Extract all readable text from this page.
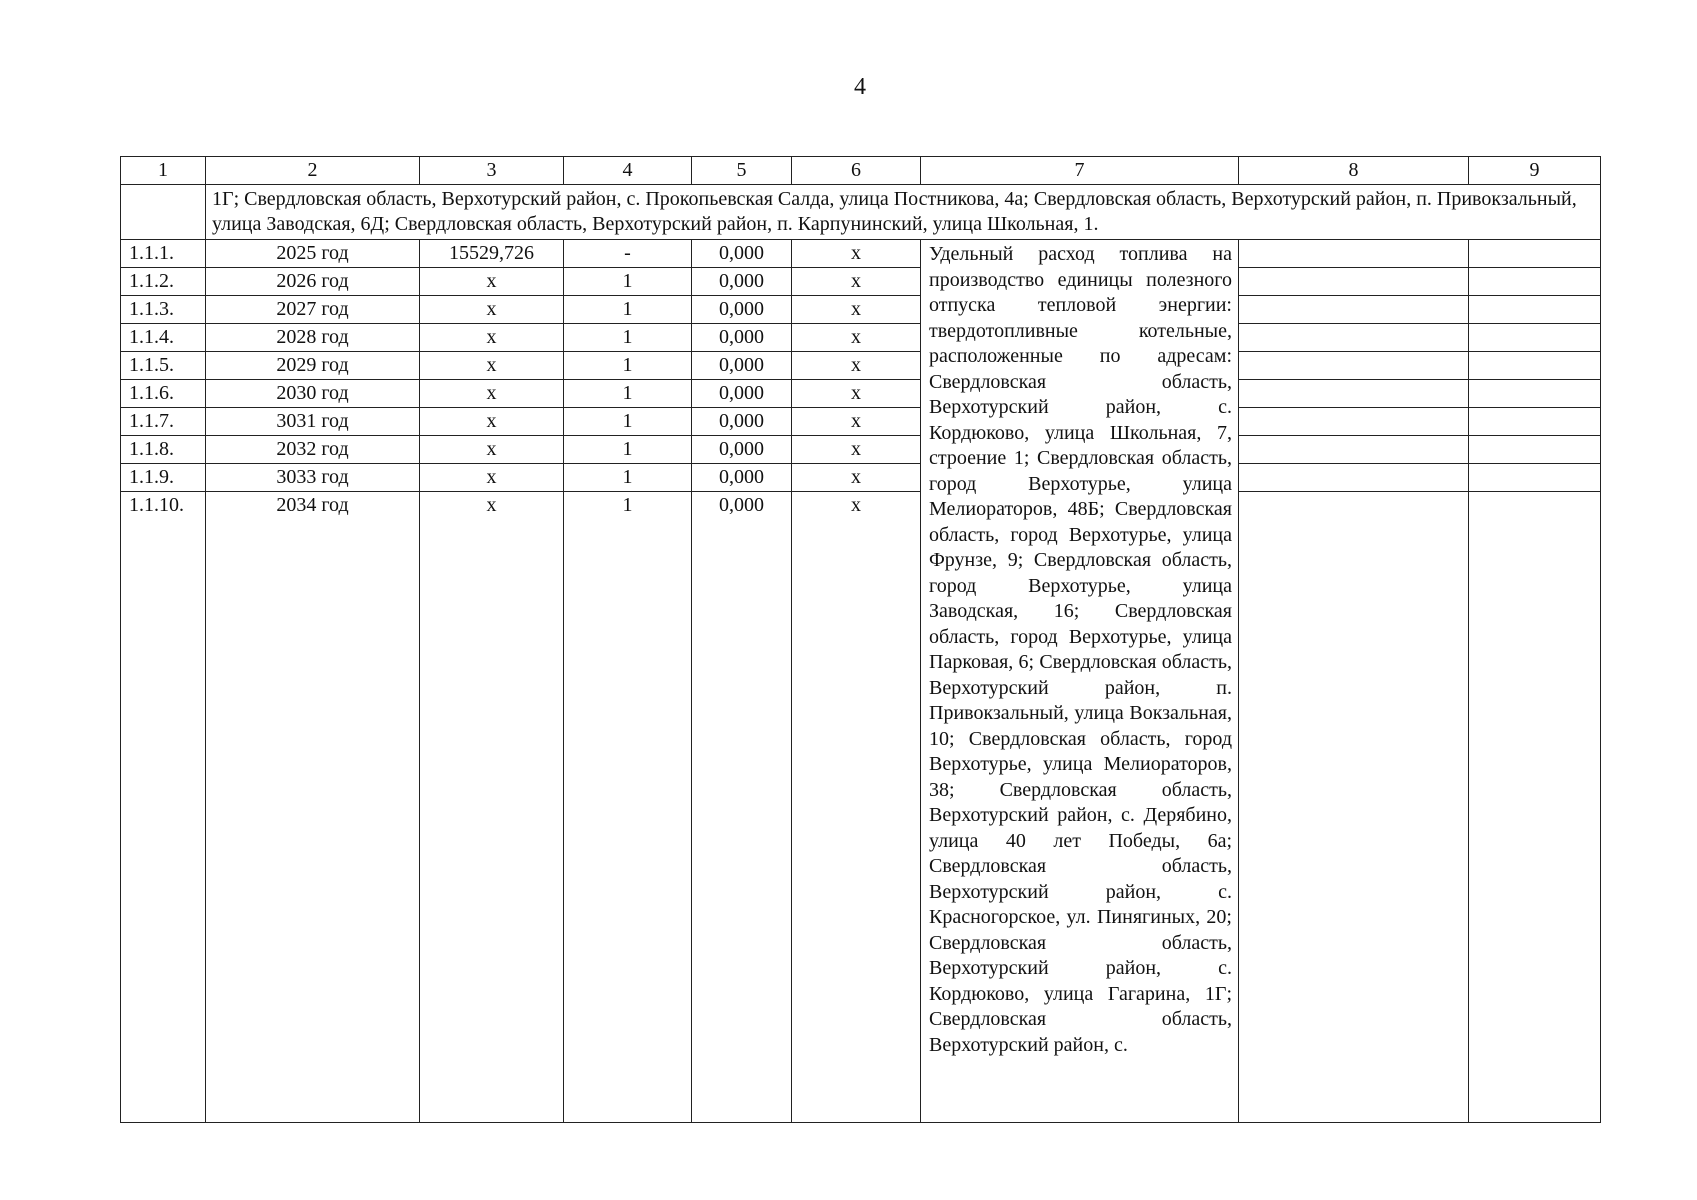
4
1	2	3	4	5	6	7	8	9
	1Г; Свердловская область, Верхотурский район, с. Прокопьевская Салда, улица Постникова, 4а; Свердловская область, Верхотурский район, п. Привокзальный, улица Заводская, 6Д; Свердловская область, Верхотурский район, п. Карпунинский, улица Школьная, 1.							
1.1.1.	2025 год	15529,726	-	0,000	х	Удельный расход топлива на производство единицы полезного отпуска тепловой энергии: твердотопливные котельные, расположенные по адресам: Свердловская область, Верхотурский район, с. Кордюково, улица Школьная, 7, строение 1; Свердловская область, город Верхотурье, улица Мелиораторов, 48Б; Свердловская область, город Верхотурье, улица Фрунзе, 9; Свердловская область, город Верхотурье, улица Заводская, 16; Свердловская область, город Верхотурье, улица Парковая, 6; Свердловская область, Верхотурский район, п. Привокзальный, улица Вокзальная, 10; Свердловская область, город Верхотурье, улица Мелиораторов, 38; Свердловская область, Верхотурский район, с. Дерябино, улица 40 лет Победы, 6а; Свердловская область, Верхотурский район, с. Красногорское, ул. Пинягиных, 20; Свердловская область, Верхотурский район, с. Кордюково, улица Гагарина, 1Г; Свердловская область, Верхотурский район, с.		
1.1.2.	2026 год	х	1	0,000	х			
1.1.3.	2027 год	х	1	0,000	х			
1.1.4.	2028 год	х	1	0,000	х			
1.1.5.	2029 год	х	1	0,000	х			
1.1.6.	2030 год	х	1	0,000	х			
1.1.7.	3031 год	х	1	0,000	х			
1.1.8.	2032 год	х	1	0,000	х			
1.1.9.	3033 год	х	1	0,000	х			
1.1.10.	2034 год	х	1	0,000	х			
